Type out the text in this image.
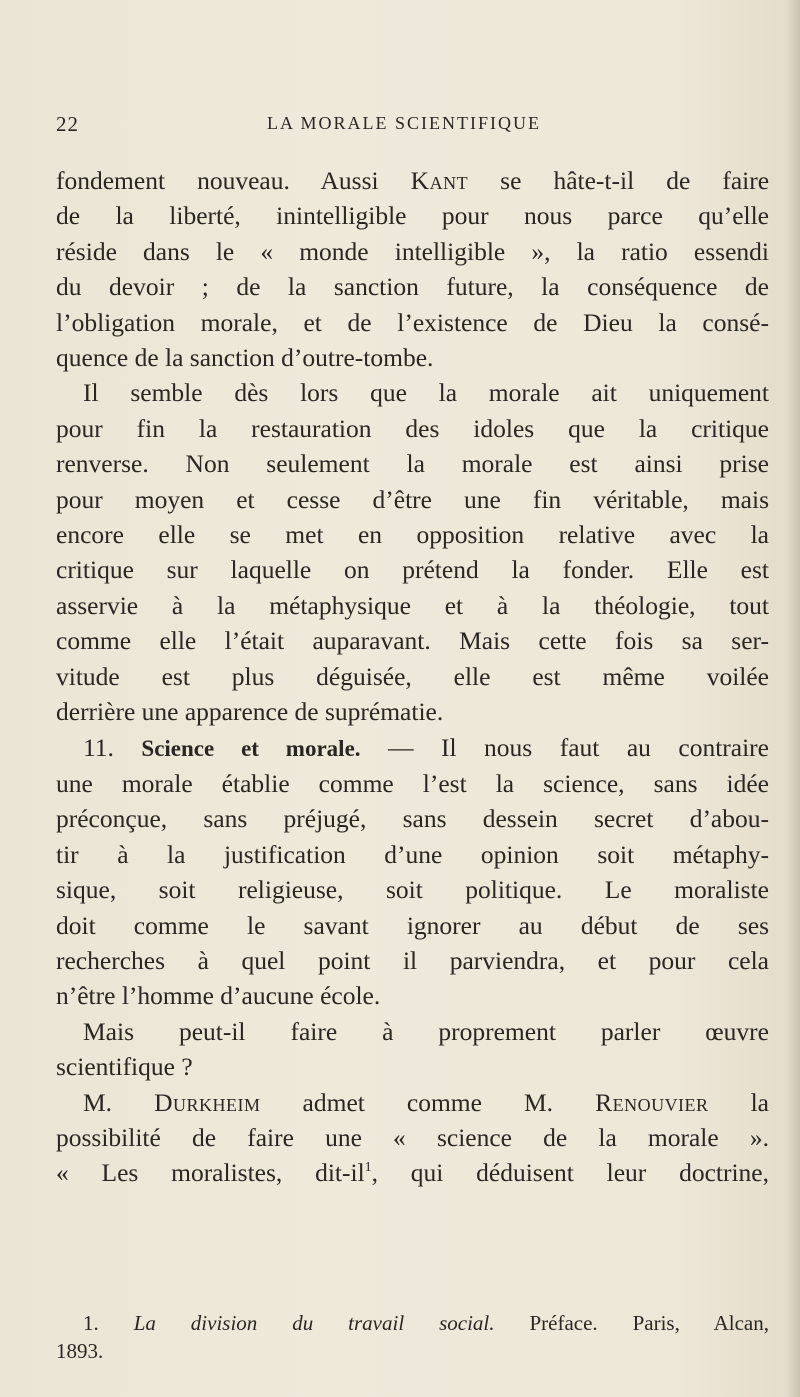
22	LA MORALE SCIENTIFIQUE
fondement nouveau. Aussi Kant se hâte-t-il de faire
de la liberté, inintelligible pour nous parce qu’elle
réside dans le « monde intelligible », la ratio essendi
du devoir ; de la sanction future, la conséquence de
l’obligation morale, et de l’existence de Dieu la consé-
quence de la sanction d’outre-tombe.
Il semble dès lors que la morale ait uniquement
pour fin la restauration des idoles que la critique
renverse. Non seulement la morale est ainsi prise
pour moyen et cesse d’être une fin véritable, mais
encore elle se met en opposition relative avec la
critique sur laquelle on prétend la fonder. Elle est
asservie à la métaphysique et à la théologie, tout
comme elle l’était auparavant. Mais cette fois sa ser-
vitude est plus déguisée, elle est même voilée
derrière une apparence de suprématie.
11. Science et morale. — Il nous faut au contraire
une morale établie comme l’est la science, sans idée
préconçue, sans préjugé, sans dessein secret d’abou-
tir à la justification d’une opinion soit métaphy-
sique, soit religieuse, soit politique. Le moraliste
doit comme le savant ignorer au début de ses
recherches à quel point il parviendra, et pour cela
n’être l’homme d’aucune école.
Mais peut-il faire à proprement parler œuvre
scientifique ?
M. Durkheim admet comme M. Renouvier la
possibilité de faire une « science de la morale ».
« Les moralistes, dit-$il^1$, qui déduisent leur doctrine,
1. La division du travail social. Préface. Paris, Alcan,
1893.
